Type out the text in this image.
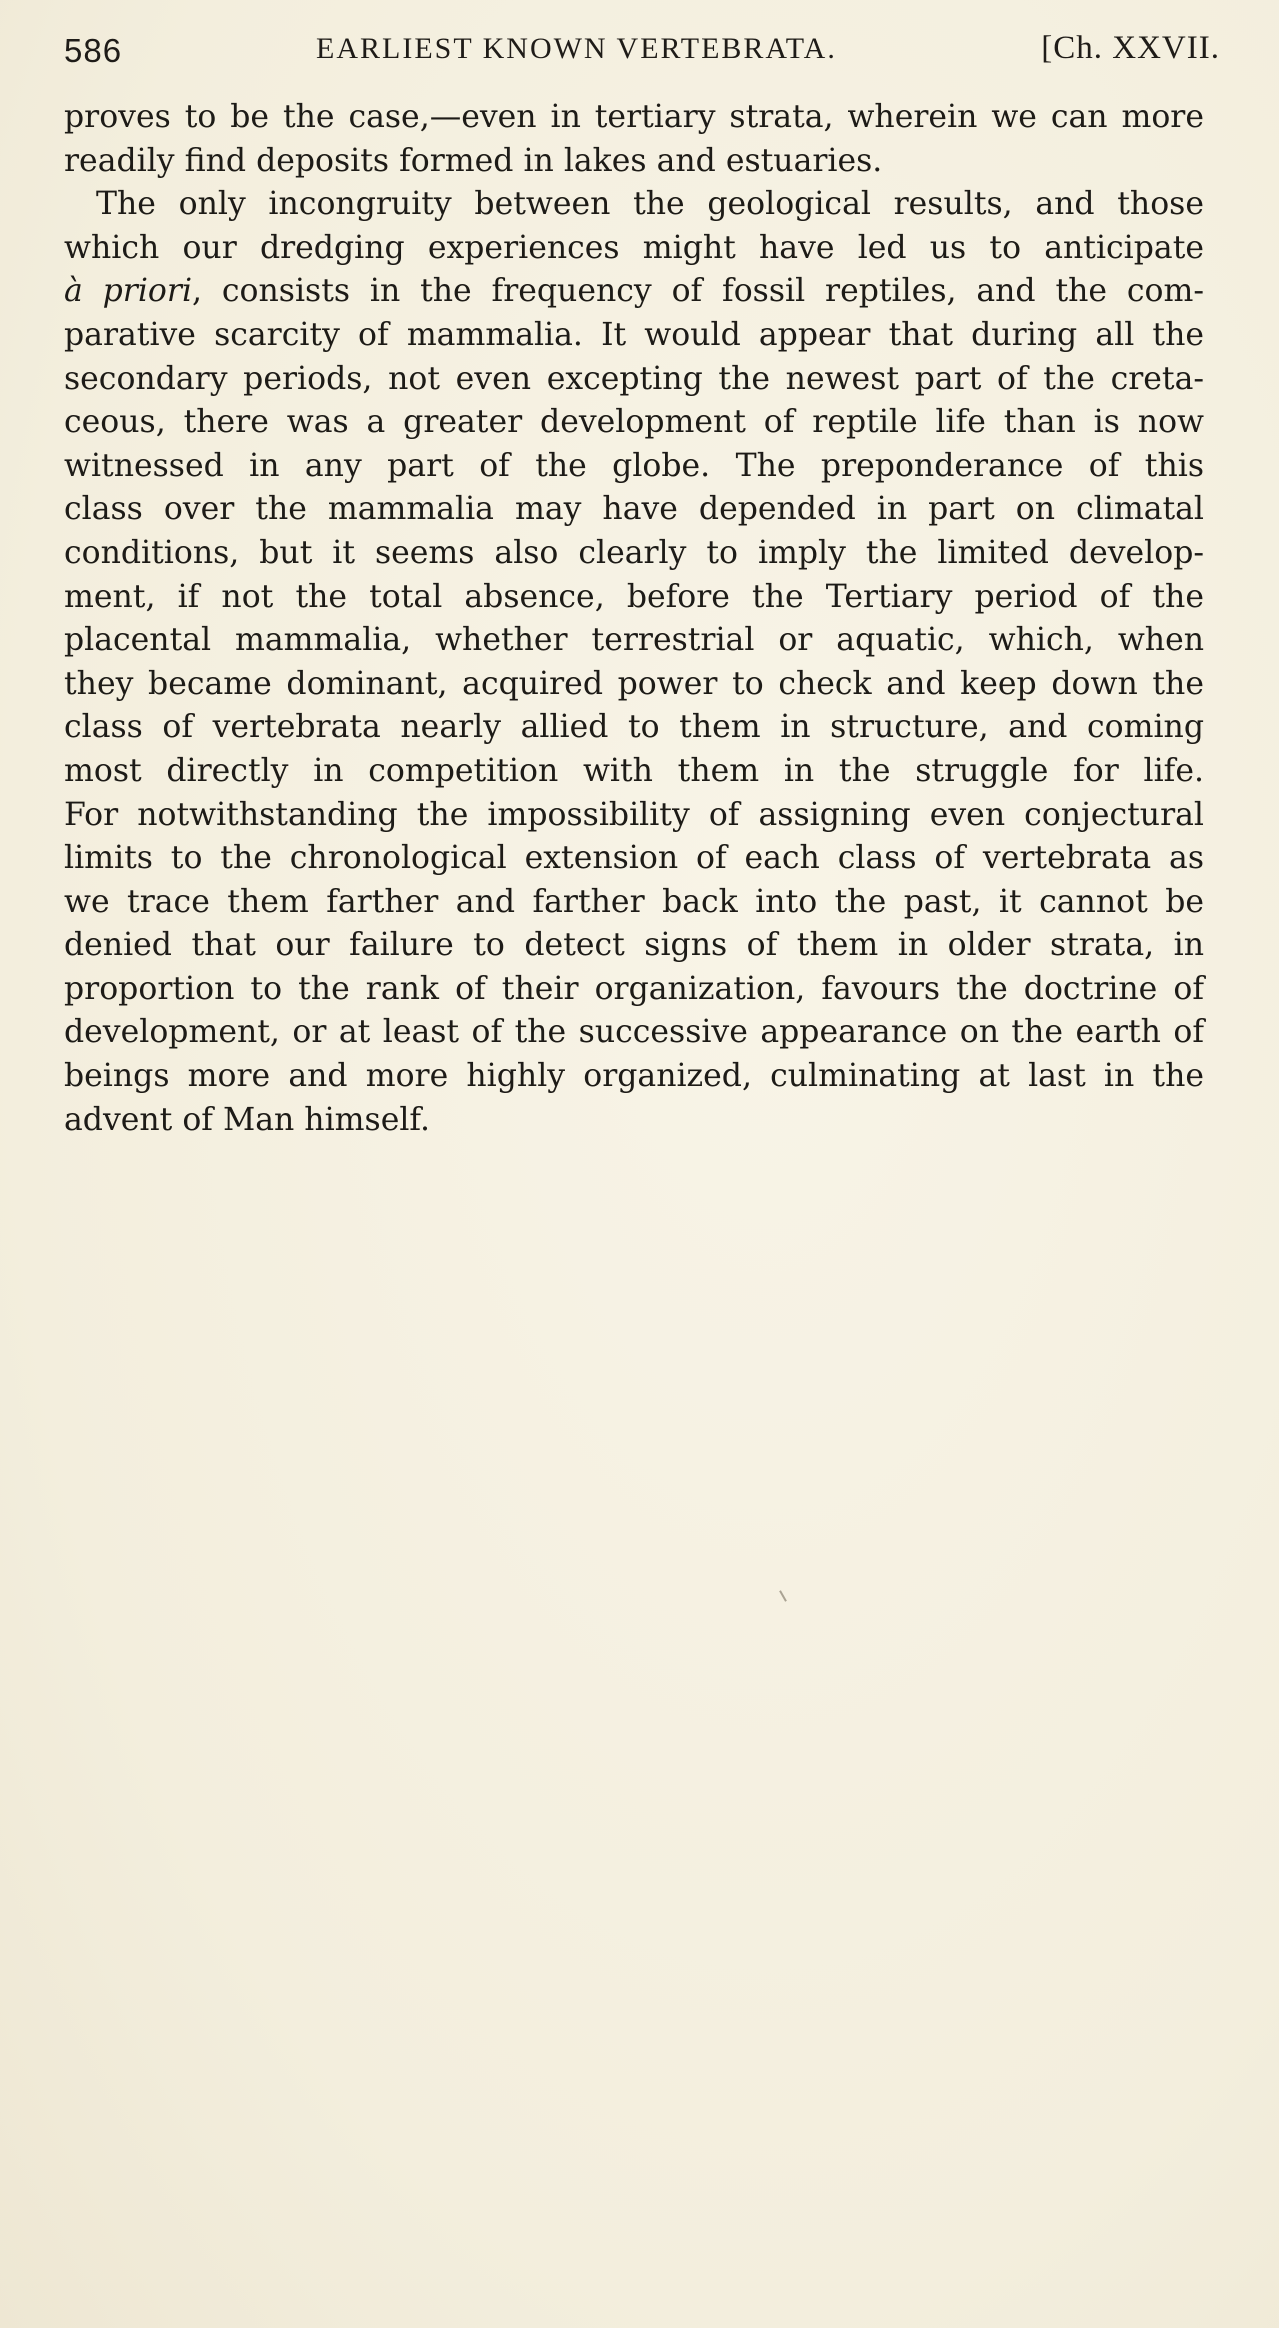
586	EARLIEST KNOWN VERTEBRATA.	[Ch. XXVII.
proves to be the case,—even in tertiary strata, wherein we can more
readily find deposits formed in lakes and estuaries.
The only incongruity between the geological results, and those
which our dredging experiences might have led us to anticipate
à priori, consists in the frequency of fossil reptiles, and the com-
parative scarcity of mammalia. It would appear that during all the
secondary periods, not even excepting the newest part of the creta-
ceous, there was a greater development of reptile life than is now
witnessed in any part of the globe. The preponderance of this
class over the mammalia may have depended in part on climatal
conditions, but it seems also clearly to imply the limited develop-
ment, if not the total absence, before the Tertiary period of the
placental mammalia, whether terrestrial or aquatic, which, when
they became dominant, acquired power to check and keep down the
class of vertebrata nearly allied to them in structure, and coming
most directly in competition with them in the struggle for life.
For notwithstanding the impossibility of assigning even conjectural
limits to the chronological extension of each class of vertebrata as
we trace them farther and farther back into the past, it cannot be
denied that our failure to detect signs of them in older strata, in
proportion to the rank of their organization, favours the doctrine of
development, or at least of the successive appearance on the earth of
beings more and more highly organized, culminating at last in the
advent of Man himself.
